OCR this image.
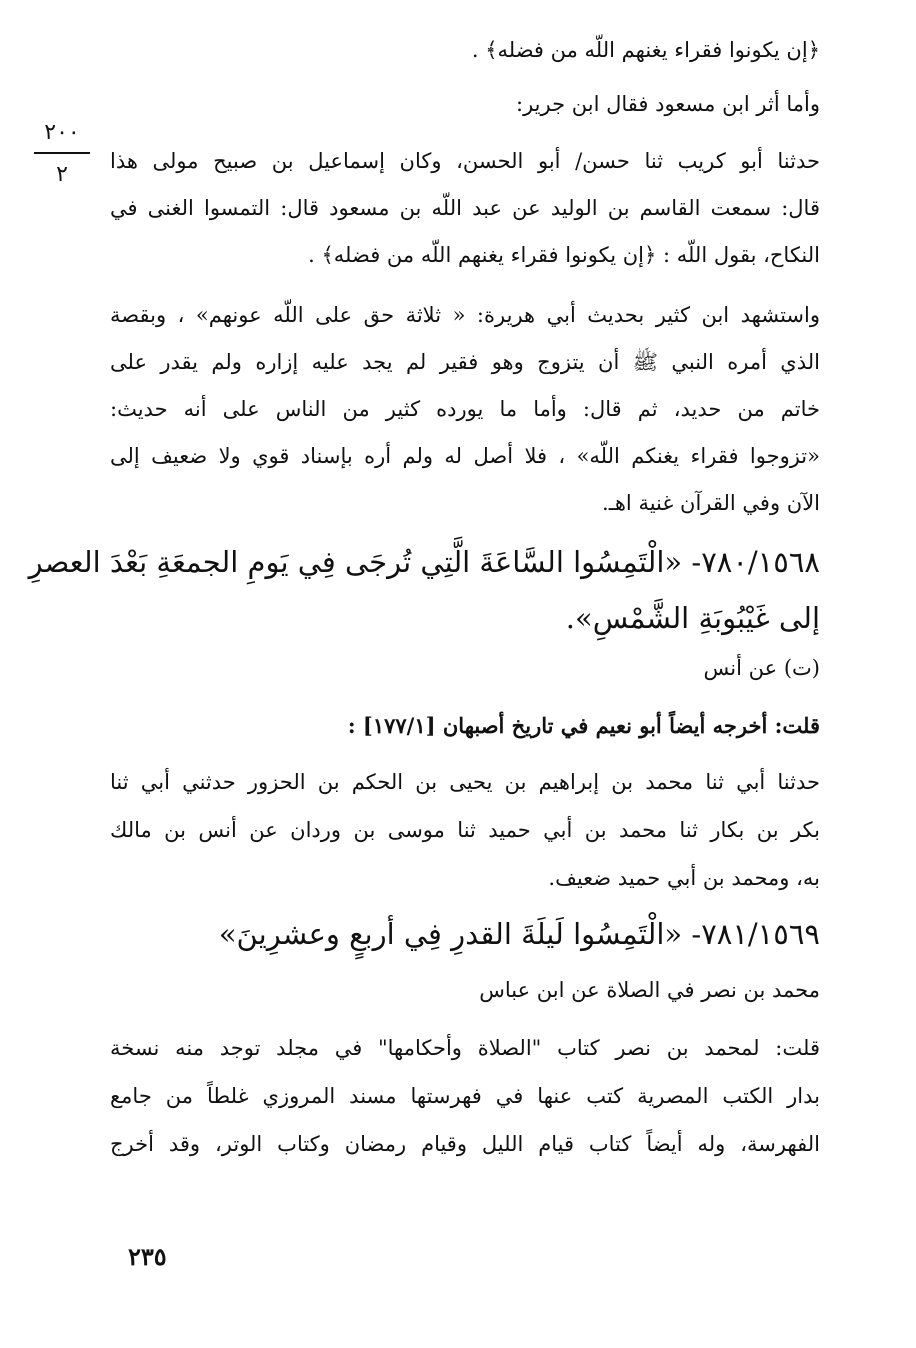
٢٠٠
٢
﴿إن يكونوا فقراء يغنهم اللّه من فضله﴾ .
وأما أثر ابن مسعود فقال ابن جرير:
حدثنا أبو كريب ثنا حسن/ أبو الحسن، وكان إسماعيل بن صبيح مولى هذا
قال: سمعت القاسم بن الوليد عن عبد اللّه بن مسعود قال: التمسوا الغنى في
النكاح، بقول اللّه : ﴿إن يكونوا فقراء يغنهم اللّه من فضله﴾ .
واستشهد ابن كثير بحديث أبي هريرة: « ثلاثة حق على اللّه عونهم» ، وبقصة
الذي أمره النبي ﷺ أن يتزوج وهو فقير لم يجد عليه إزاره ولم يقدر على
خاتم من حديد، ثم قال: وأما ما يورده كثير من الناس على أنه حديث:
«تزوجوا فقراء يغنكم اللّه» ، فلا أصل له ولم أره بإسناد قوي ولا ضعيف إلى
الآن وفي القرآن غنية اهـ.
٧٨٠/١٥٦٨- «الْتَمِسُوا السَّاعَةَ الَّتِي تُرجَى فِي يَومِ الجمعَةِ بَعْدَ العصرِ
إلى غَيْبُوبَةِ الشَّمْسِ».
(ت) عن أنس
قلت: أخرجه أيضاً أبو نعيم في تاريخ أصبهان [١٧٧/١] :
حدثنا أبي ثنا محمد بن إبراهيم بن يحيى بن الحكم بن الحزور حدثني أبي ثنا
بكر بن بكار ثنا محمد بن أبي حميد ثنا موسى بن وردان عن أنس بن مالك
به، ومحمد بن أبي حميد ضعيف.
٧٨١/١٥٦٩- «الْتَمِسُوا لَيلَةَ القدرِ فِي أربعٍ وعشرِينَ»
محمد بن نصر في الصلاة عن ابن عباس
قلت: لمحمد بن نصر كتاب "الصلاة وأحكامها" في مجلد توجد منه نسخة
بدار الكتب المصرية كتب عنها في فهرستها مسند المروزي غلطاً من جامع
الفهرسة، وله أيضاً كتاب قيام الليل وقيام رمضان وكتاب الوتر، وقد أخرج
٢٣٥
